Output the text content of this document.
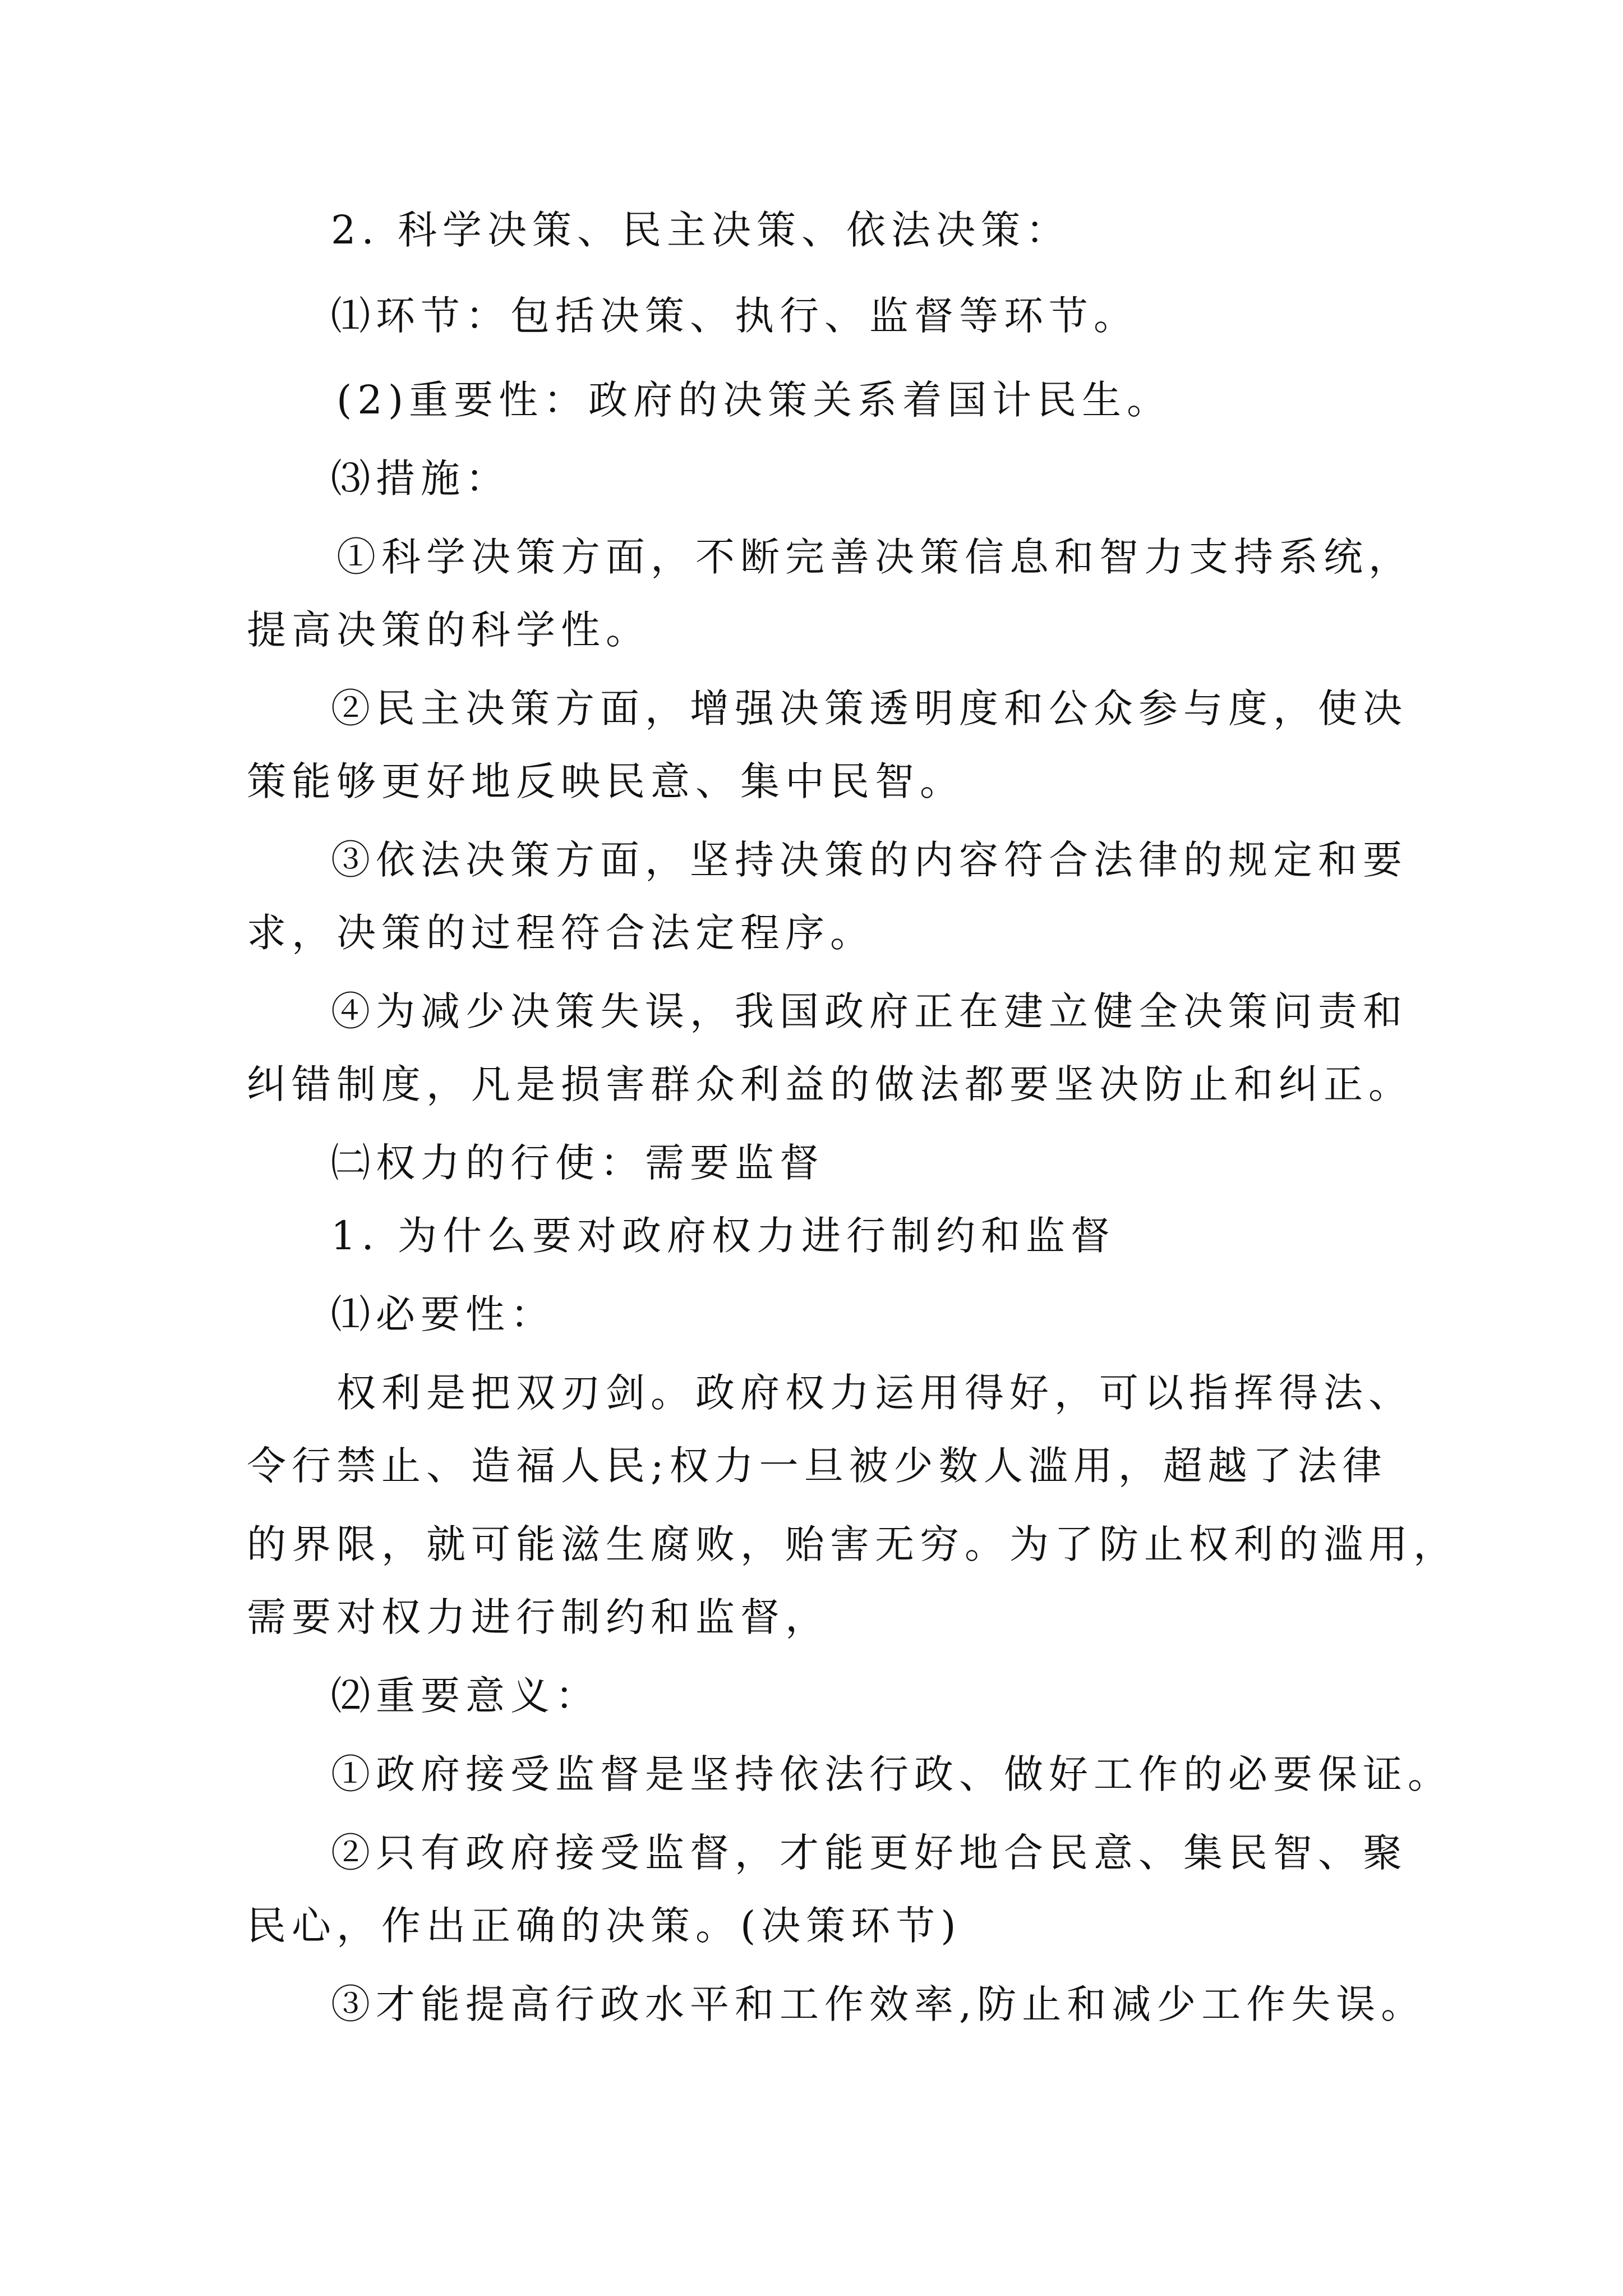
2. 科学决策、民主决策、依法决策：
⑴环节：包括决策、执行、监督等环节。
(2)重要性：政府的决策关系着国计民生。
⑶措施：
①科学决策方面，不断完善决策信息和智力支持系统，
提高决策的科学性。
②民主决策方面，增强决策透明度和公众参与度，使决
策能够更好地反映民意、集中民智。
③依法决策方面，坚持决策的内容符合法律的规定和要
求，决策的过程符合法定程序。
④为减少决策失误，我国政府正在建立健全决策问责和
纠错制度，凡是损害群众利益的做法都要坚决防止和纠正。
㈡权力的行使：需要监督
1. 为什么要对政府权力进行制约和监督
⑴必要性：
权利是把双刃剑。政府权力运用得好，可以指挥得法、
令行禁止、造福人民;权力一旦被少数人滥用，超越了法律
的界限，就可能滋生腐败，贻害无穷。为了防止权利的滥用，
需要对权力进行制约和监督，
⑵重要意义：
①政府接受监督是坚持依法行政、做好工作的必要保证。
②只有政府接受监督，才能更好地合民意、集民智、聚
民心，作出正确的决策。(决策环节)
③才能提高行政水平和工作效率,防止和减少工作失误。
